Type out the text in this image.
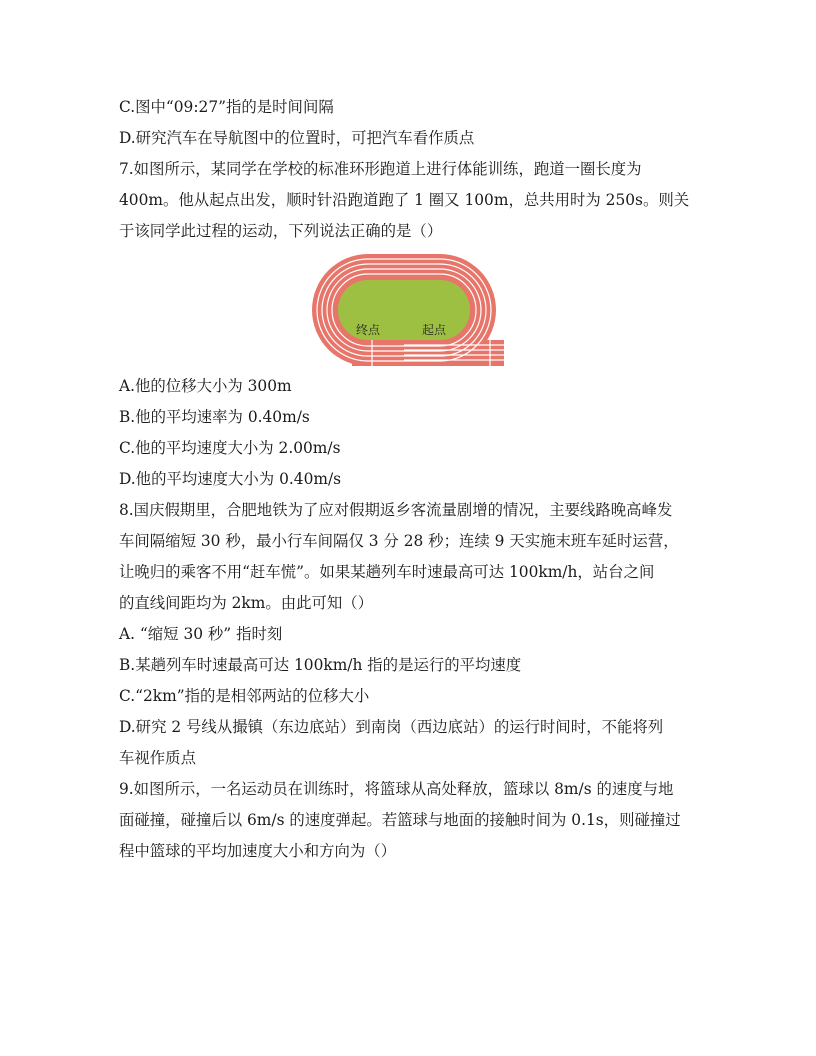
C.图中“09:27”指的是时间间隔

D.研究汽车在导航图中的位置时，可把汽车看作质点

7.如图所示，某同学在学校的标准环形跑道上进行体能训练，跑道一圈长度为

400m。他从起点出发，顺时针沿跑道跑了 1 圈又 100m，总共用时为 250s。则关

于该同学此过程的运动，下列说法正确的是（）

终点	起点

A.他的位移大小为 300m

B.他的平均速率为 0.40m/s

C.他的平均速度大小为 2.00m/s

D.他的平均速度大小为 0.40m/s

8.国庆假期里，合肥地铁为了应对假期返乡客流量剧增的情况，主要线路晚高峰发

车间隔缩短 30 秒，最小行车间隔仅 3 分 28 秒；连续 9 天实施末班车延时运营，

让晚归的乘客不用“赶车慌”。如果某趟列车时速最高可达 100km/h，站台之间

的直线间距均为 2km。由此可知（）

A. “缩短 30 秒” 指时刻

B.某趟列车时速最高可达 100km/h 指的是运行的平均速度

C.“2km”指的是相邻两站的位移大小

D.研究 2 号线从撮镇（东边底站）到南岗（西边底站）的运行时间时，不能将列

车视作质点

9.如图所示，一名运动员在训练时，将篮球从高处释放，篮球以 8m/s 的速度与地

面碰撞，碰撞后以 6m/s 的速度弹起。若篮球与地面的接触时间为 0.1s，则碰撞过

程中篮球的平均加速度大小和方向为（）
